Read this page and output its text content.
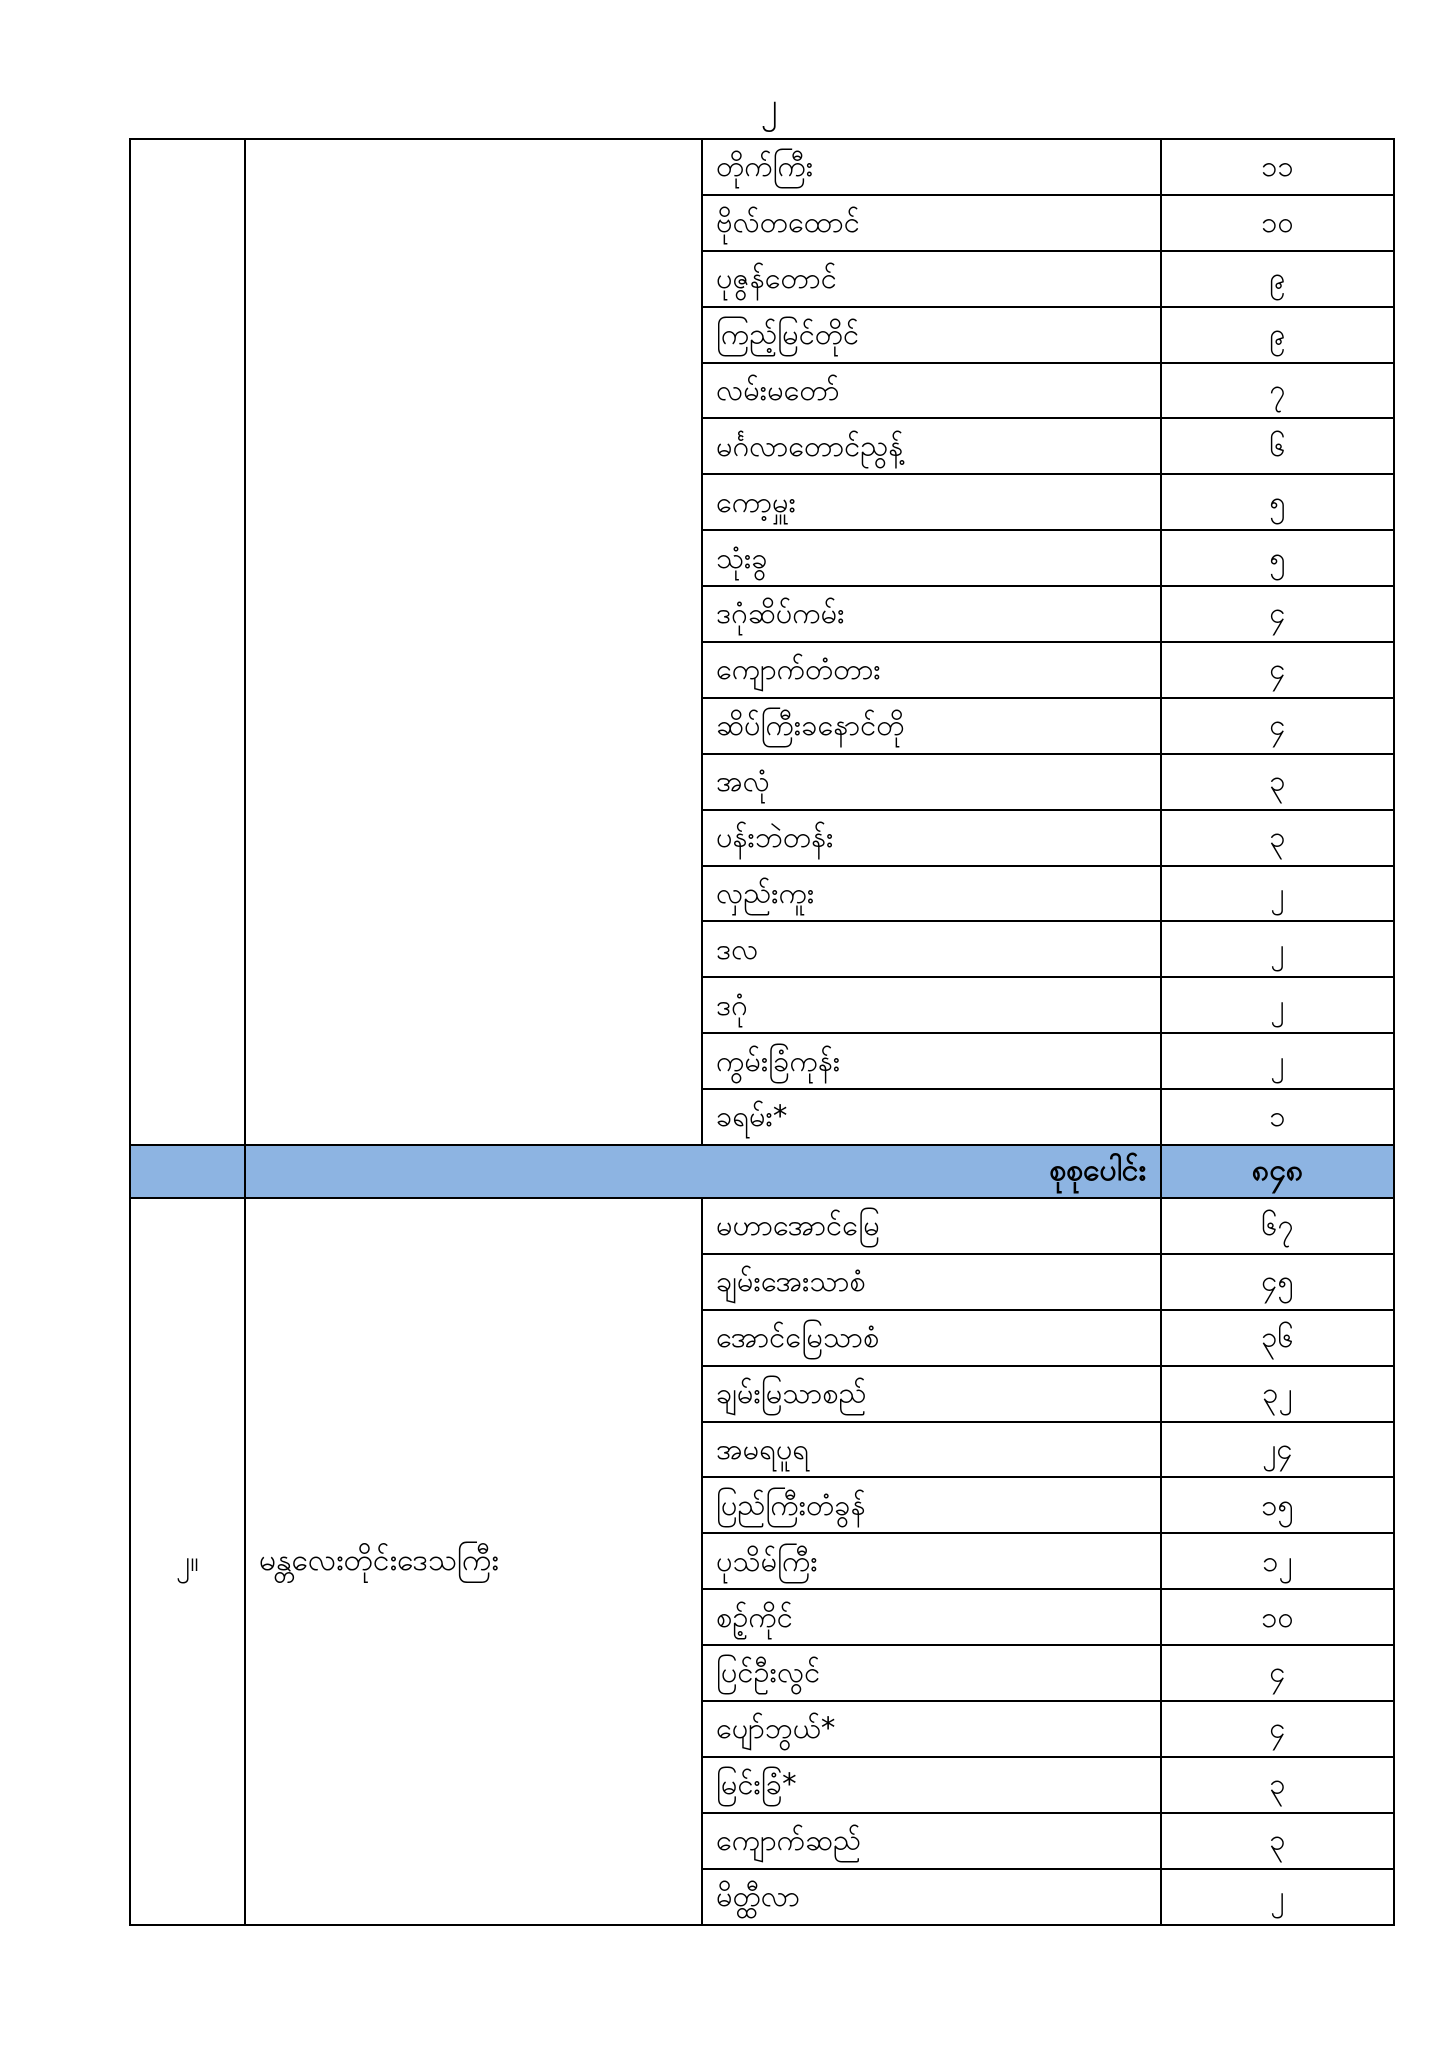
၂
တိုက်ကြီး	၁၁
ဗိုလ်တထောင်	၁၀
ပုဇွန်တောင်	၉
ကြည့်မြင်တိုင်	၉
လမ်းမတော်	၇
မင်္ဂလာတောင်ညွန့်	၆
ကော့မှူး	၅
သုံးခွ	၅
ဒဂုံဆိပ်ကမ်း	၄
ကျောက်တံတား	၄
ဆိပ်ကြီးခနောင်တို	၄
အလုံ	၃
ပန်းဘဲတန်း	၃
လှည်းကူး	၂
ဒလ	၂
ဒဂုံ	၂
ကွမ်းခြံကုန်း	၂
ခရမ်း*	၁
စုစုပေါင်း	၈၄၈
၂။	မန္တလေးတိုင်းဒေသကြီး
မဟာအောင်မြေ	၆၇
ချမ်းအေးသာစံ	၄၅
အောင်မြေသာစံ	၃၆
ချမ်းမြသာစည်	၃၂
အမရပူရ	၂၄
ပြည်ကြီးတံခွန်	၁၅
ပုသိမ်ကြီး	၁၂
စဉ့်ကိုင်	၁၀
ပြင်ဦးလွင်	၄
ပျော်ဘွယ်*	၄
မြင်းခြံ*	၃
ကျောက်ဆည်	၃
မိတ္ထီလာ	၂
